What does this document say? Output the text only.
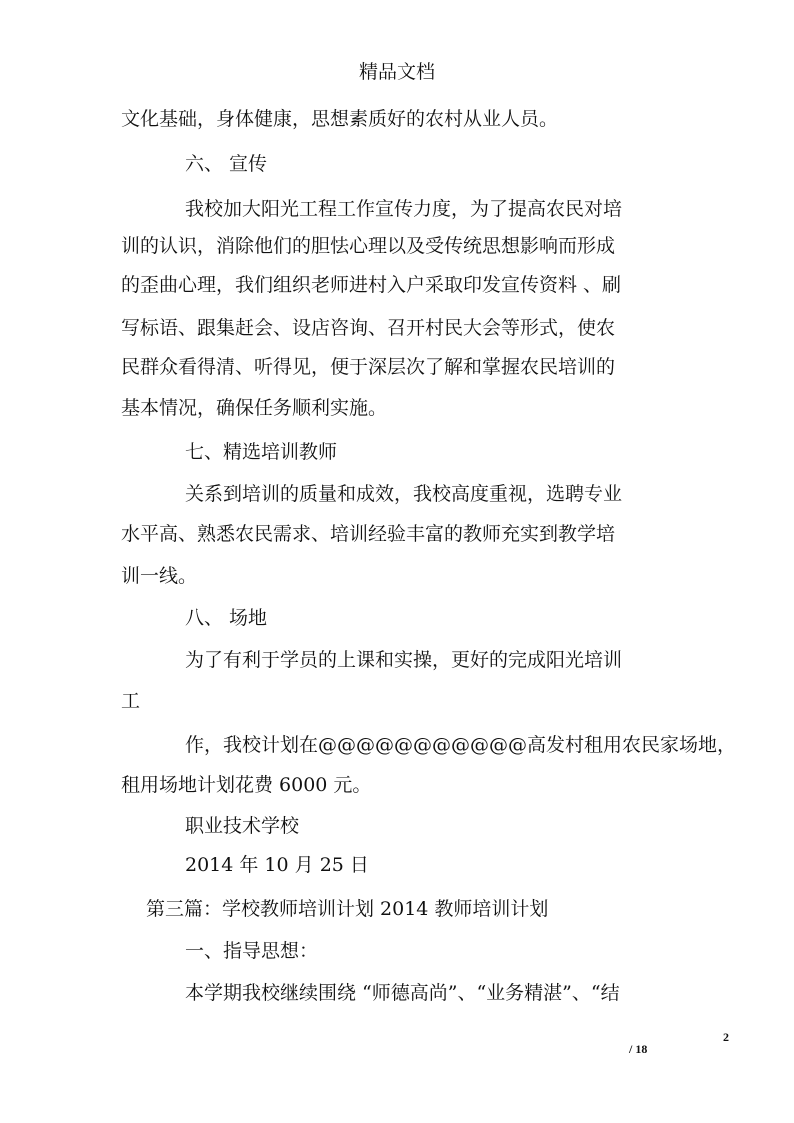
精品文档
文化基础，身体健康，思想素质好的农村从业人员。
六、 宣传
我校加大阳光工程工作宣传力度，为了提高农民对培
训的认识，消除他们的胆怯心理以及受传统思想影响而形成
的歪曲心理，我们组织老师进村入户采取印发宣传资料 、刷
写标语、跟集赶会、设店咨询、召开村民大会等形式，使农
民群众看得清、听得见，便于深层次了解和掌握农民培训的
基本情况，确保任务顺利实施。
七、精选培训教师
关系到培训的质量和成效，我校高度重视，选聘专业
水平高、熟悉农民需求、培训经验丰富的教师充实到教学培
训一线。
八、 场地
为了有利于学员的上课和实操，更好的完成阳光培训
工
作，我校计划在@@@@@@@@@@@高发村租用农民家场地，
租用场地计划花费 6000 元。
职业技术学校
2014 年 10 月 25 日
第三篇：学校教师培训计划 2014 教师培训计划
一、指导思想：
本学期我校继续围绕 “师德高尚”、“业务精湛”、“结
2
/ 18
